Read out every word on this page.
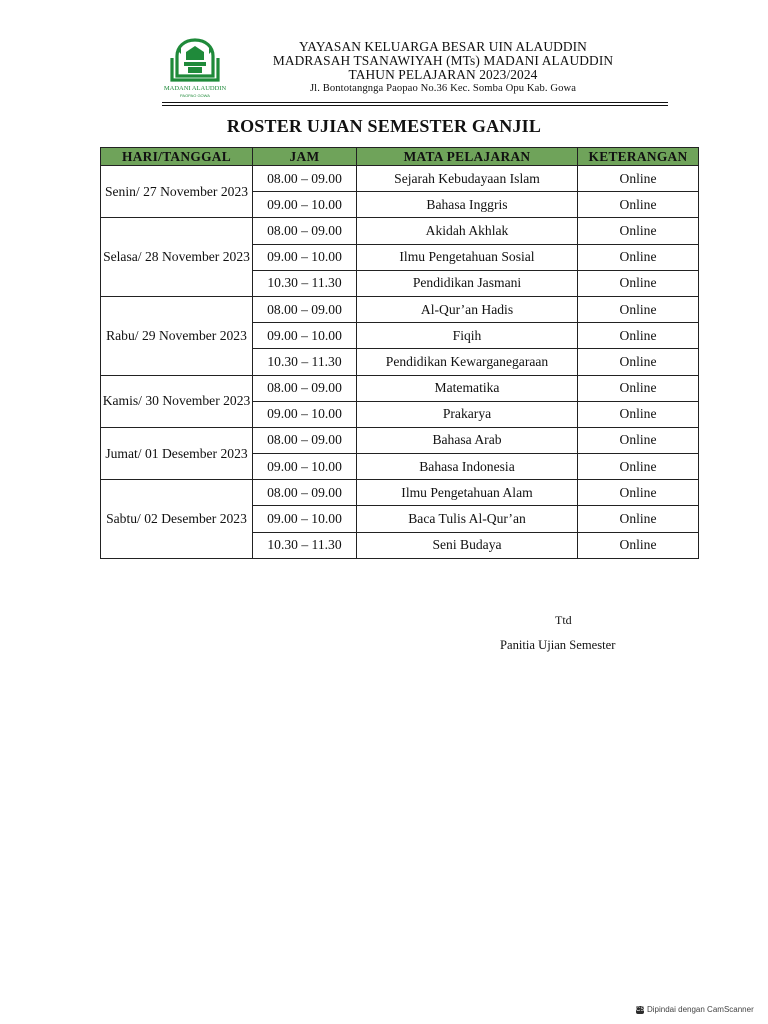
MADANI ALAUDDIN
PAOPAO GOWA
YAYASAN KELUARGA BESAR UIN ALAUDDIN
MADRASAH TSANAWIYAH (MTs) MADANI ALAUDDIN
TAHUN PELAJARAN 2023/2024
Jl. Bontotangnga Paopao No.36 Kec. Somba Opu Kab. Gowa
ROSTER UJIAN SEMESTER GANJIL
HARI/TANGGAL	JAM	MATA PELAJARAN	KETERANGAN
Senin/ 27 November 2023	08.00 – 09.00	Sejarah Kebudayaan Islam	Online
	09.00 – 10.00	Bahasa Inggris	Online
Selasa/ 28 November 2023	08.00 – 09.00	Akidah Akhlak	Online
	09.00 – 10.00	Ilmu Pengetahuan Sosial	Online
	10.30 – 11.30	Pendidikan Jasmani	Online
Rabu/ 29 November 2023	08.00 – 09.00	Al-Qur’an Hadis	Online
	09.00 – 10.00	Fiqih	Online
	10.30 – 11.30	Pendidikan Kewarganegaraan	Online
Kamis/ 30 November 2023	08.00 – 09.00	Matematika	Online
	09.00 – 10.00	Prakarya	Online
Jumat/ 01 Desember 2023	08.00 – 09.00	Bahasa Arab	Online
	09.00 – 10.00	Bahasa Indonesia	Online
Sabtu/ 02 Desember 2023	08.00 – 09.00	Ilmu Pengetahuan Alam	Online
	09.00 – 10.00	Baca Tulis Al-Qur’an	Online
	10.30 – 11.30	Seni Budaya	Online
Ttd
Panitia Ujian Semester
CS Dipindai dengan CamScanner
